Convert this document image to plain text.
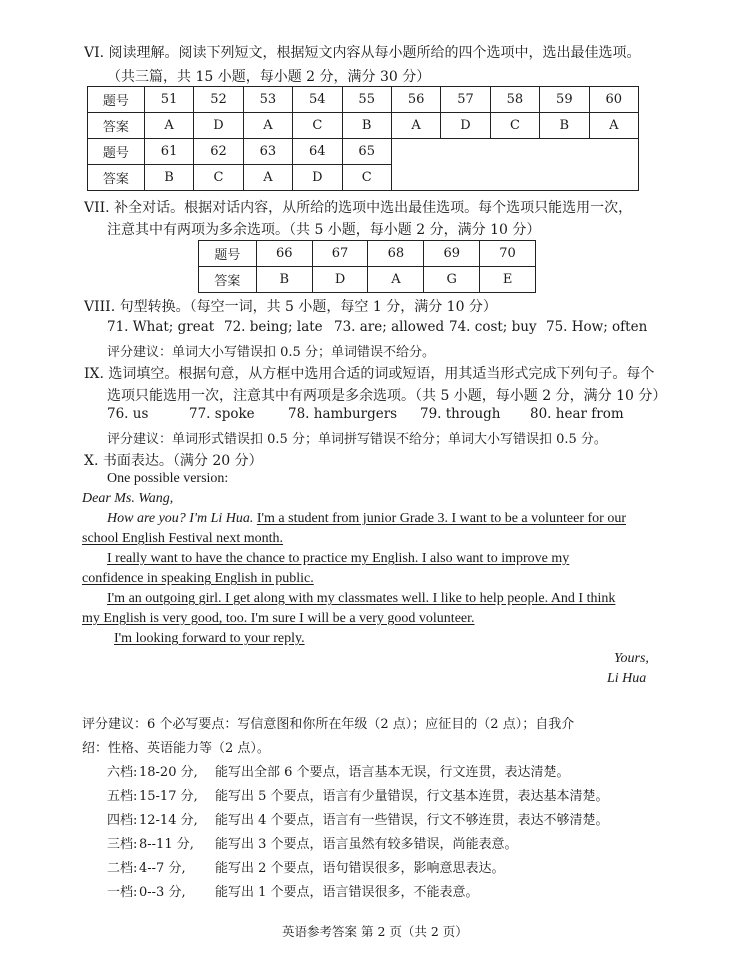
VI. 阅读理解。阅读下列短文，根据短文内容从每小题所给的四个选项中，选出最佳选项。
（共三篇，共 15 小题，每小题 2 分，满分 30 分）
题号	51	52	53	54	55	56	57	58	59	60
答案	A	D	A	C	B	A	D	C	B	A
题号	61	62	63	64	65					
答案	B	C	A	D	C					
VII. 补全对话。根据对话内容，从所给的选项中选出最佳选项。每个选项只能选用一次，
注意其中有两项为多余选项。（共 5 小题，每小题 2 分，满分 10 分）
题号	66	67	68	69	70
答案	B	D	A	G	E
VIII. 句型转换。（每空一词，共 5 小题，每空 1 分，满分 10 分）
71. What; great 72. being; late 73. are; allowed 74. cost; buy 75. How; often
评分建议：单词大小写错误扣 0.5 分；单词错误不给分。
IX. 选词填空。根据句意，从方框中选用合适的词或短语，用其适当形式完成下列句子。每个
选项只能选用一次，注意其中有两项是多余选项。（共 5 小题，每小题 2 分，满分 10 分）
76. us	77. spoke 78. hamburgers 79. through 80. hear from
评分建议：单词形式错误扣 0.5 分；单词拼写错误不给分；单词大小写错误扣 0.5 分。
X. 书面表达。（满分 20 分）
One possible version:
Dear Ms. Wang,
How are you? I'm Li Hua. I'm a student from junior Grade 3. I want to be a volunteer for our
school English Festival next month.
I really want to have the chance to practice my English. I also want to improve my
confidence in speaking English in public.
I'm an outgoing girl. I get along with my classmates well. I like to help people. And I think
my English is very good, too. I'm sure I will be a very good volunteer.
I'm looking forward to your reply.
Yours,
Li Hua
评分建议：6 个必写要点：写信意图和你所在年级（2 点）；应征目的（2 点）；自我介
绍：性格、英语能力等（2 点）。
六档: 18-20 分, 能写出全部 6 个要点，语言基本无误，行文连贯，表达清楚。
五档: 15-17 分, 能写出 5 个要点，语言有少量错误，行文基本连贯，表达基本清楚。
四档: 12-14 分, 能写出 4 个要点，语言有一些错误，行文不够连贯，表达不够清楚。
三档: 8--11 分, 能写出 3 个要点，语言虽然有较多错误，尚能表意。
二档: 4--7 分, 能写出 2 个要点，语句错误很多，影响意思表达。
一档: 0--3 分, 能写出 1 个要点，语言错误很多，不能表意。
英语参考答案 第 2 页（共 2 页）
